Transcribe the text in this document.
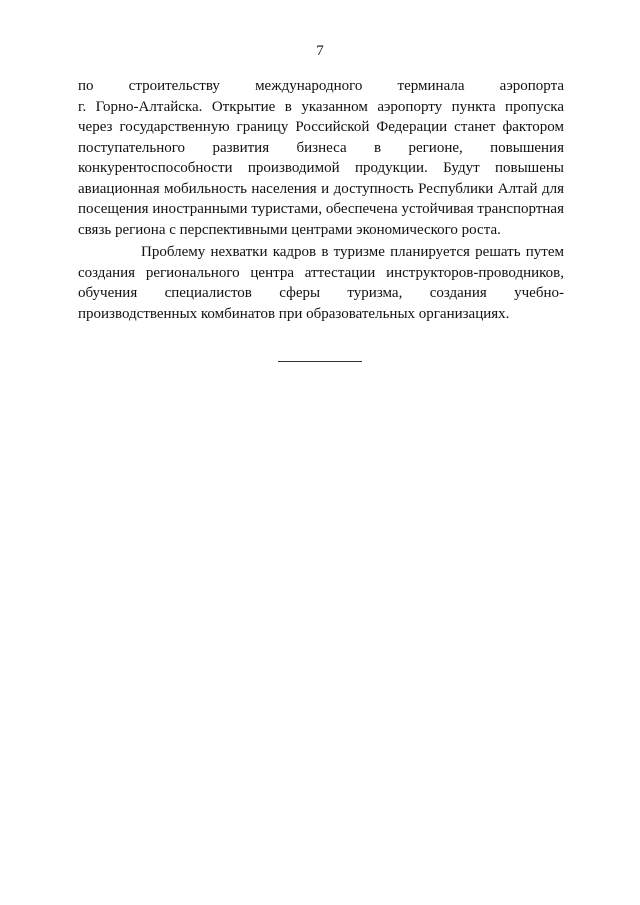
7

по строительству международного терминала аэропорта
г. Горно-Алтайска. Открытие в указанном аэропорту пункта пропуска
через государственную границу Российской Федерации станет фактором
поступательного развития бизнеса в регионе, повышения
конкурентоспособности производимой продукции. Будут повышены
авиационная мобильность населения и доступность Республики Алтай для
посещения иностранными туристами, обеспечена устойчивая транспортная
связь региона с перспективными центрами экономического роста.

Проблему нехватки кадров в туризме планируется решать путем
создания регионального центра аттестации инструкторов-проводников,
обучения специалистов сферы туризма, создания учебно-
производственных комбинатов при образовательных организациях.
